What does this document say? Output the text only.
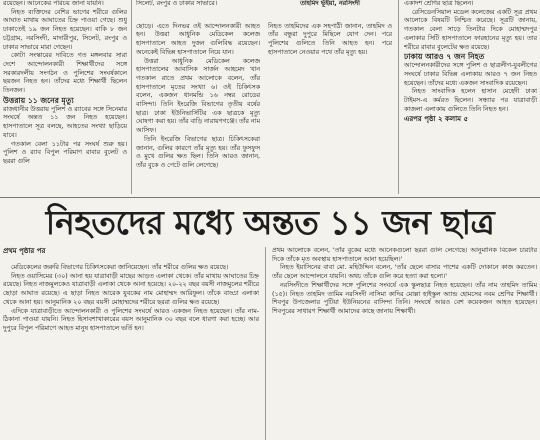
রয়েছেন। আনেকের পরিচয় জানা যায়নি।

নিহত ব্যক্তিদের বেশির ভাগের শরীরে গুলির আঘাত মাথায় আঘাতের চিহ্ন পাওয়া গেছে। শুধু ঢাকাতেই ১৯ জন নিহত হয়েছেন। বাকি ৮ জন চট্টগ্রাম, নরসিংদী, মাদারীপুর, সিলেট, রংপুর ও ঢাকার সাভারে মারা গেছেন।

কোটা সংস্কারের দাবিতে গত মঙ্গলবার সারা দেশে আন্দোলনকারী শিক্ষার্থীদের সঙ্গে সরকারদলীয় সংগঠন ও পুলিশের সংঘর্ষকালে ছয়জন নিহত হন। তাঁদের মধ্যে শিক্ষার্থী ছিলেন তিনজন।

উত্তরায় ১১ জনের মৃত্যু

রাজধানীর উত্তরায় পুলিশ ও র‍্যাবের সঙ্গে সিনেমার সংঘর্ষে অন্তত ১১ জন নিহত হয়েছেন। হাসপাতালে সূত্র বলছে, আহতের সংখ্যা ছাড়িয়ে যাবে।

গতকাল বেলা ১১টার পর সংঘর্ষ শুরু হয়। পুলিশ ও র‍্যাব বিপুল পরিমাণ রাবার বুলেট ও ছররা গুলি

সিলেট, রংপুর ও ঢাকার সাভারে।

ছোড়ে। এতে দিনভর ওই আন্দোলনকারী আহত হন। উত্তরা আধুনিক মেডিকেল কলেজ হাসপাতালে আহত দুজন গুলিবিদ্ধ রয়েছেন। অনেকেই বিভিন্ন হাসপাতালে নিয়ে যান।

উত্তরা আধুনিক মেডিকেল কলেজ হাসপাতালের আবাসিক সার্জন আহমেদ খান গতকাল রাতে প্রথম আলোকে বলেন, তাঁর হাসপাতালে মৃতের সংখ্যা ৬। ওই চিকিৎসক বলেন, একজন ধানমন্ডি ১৬ নম্বর রোডের বাসিন্দা। তিনি ইংরেজি বিভাগের তৃতীয় বর্ষের ছাত্র। ঢাকা ইউনিভার্সিটির এক ছাত্রকে মৃত্যু ঘোষণা করা হয়। তাঁর বাড়ি নারায়ণগঞ্জে। তাঁর নাম আসিফ।

তিনি ইংরেজি বিভাগের ছাত্র। চিকিৎসকেরা জানান, গুলির কারণে তাঁর মৃত্যু হয়। তাঁর ফুসফুস ও মুখে গুলির ক্ষত ছিল। তিনি আরও জানান, তাঁর বুকে ও পেটে গুলি লেগেছে।

তাহমিদ ভূঁইয়া, নরসিংদী

নিহত তাহমিদের এক সহপাঠী জানান, তাহমিদ ও তাঁর বন্ধুরা দুপুরে মিছিলে যোগ দেন। পরে পুলিশের গুলিতে তিনি আহত হন। পরে হাসপাতালে নেওয়ার পথে তাঁর মৃত্যু হয়।

একাদশ শ্রেণির ছাত্র ছিলেন।

রেসিডেনসিয়াল মডেল কলেজের একটি সূত্র প্রথম আলোকে বিষয়টি নিশ্চিত করেছে। সূত্রটি জানায়, গতকাল বেলা সাড়ে তিনটার দিকে মোহাম্মদপুর এলাকার সিটি হাসপাতালে ফারহানের মৃত্যু হয়। তার শরীরে রাবার বুলেটের ক্ষত রয়েছে।

ঢাকায় আরও ৭ জন নিহত

আন্দোলনকারীদের সঙ্গে পুলিশ ও ছাত্রলীগ-যুবলীগের সংঘর্ষে ঢাকার বিভিন্ন এলাকায় আরও ৭ জন নিহত হয়েছেন। তাঁদের মধ্যে একজন সাংবাদিক রয়েছেন।

নিহত সাংবাদিক হলেন হাসান মেহেদী ঢাকা টাইমস-এ কর্মরত ছিলেন। সন্ধ্যার পর যাত্রাবাড়ী কাজলা এলাকায় গুলিতে তিনি নিহত হন।

এরপর পৃষ্ঠা ২ কলাম ৫

নিহতদের মধ্যে অন্তত ১১ জন ছাত্র

প্রথম পৃষ্ঠার পর

মেডিকেলের জরুরি বিভাগের চিকিৎসকেরা জানিয়েছেন। তাঁর শরীরে গুলির ক্ষত রয়েছে।

নিহত ওয়াসিমের (৩০) আনা হয় যাত্রাবাড়ী মাছের আড়ত এলাকা থেকে। তাঁর মাথায় আঘাতের চিহ্ন রয়েছে। নিহত নাজমুলকেও যাত্রাবাড়ী এলাকা থেকে আনা হয়েছে। ২০-২২ বছর বয়সী নাজমুলের শরীরে ছোড়া আঘাত রয়েছে। এ ছাড়া নিহত আরেক যুবকের নাম মোহাম্মদ আরিফুল। তাঁকে বাড্ডা এলাকা থেকে আনা হয়। আনুমানিক ২০ বছর বয়সী মোহাম্মদের শরীরে ছররা গুলির ক্ষত রয়েছে।

এদিকে যাত্রাবাড়ীতে আন্দোলনকারী ও পুলিশের সংঘর্ষে আরও একজন নিহত হয়েছেন। তাঁর নাম-ঠিকানা পাওয়া যায়নি। নিহত হিসাবশাখাকারের বয়স আনুমানিক ৩০ বছর বলে ধারণা করা হচ্ছে। আর দুপুরে বিপুল পরিমাণে আহত মানুষ হাসপাতালে ভর্তি হন।

প্রথম আলোকে বলেন, 'তাঁর বুকের মধ্যে আনেকগুলো ছররা গুলি লেগেছে। আনুমানিক বিকেল চারটার দিকে তাঁকে মৃত অবস্থায় হাসপাতালে আনা হয়েছিল।'

নিহত ইয়াসিনের বাবা মো. মহিউদ্দিন বলেন, 'তাঁর ছেলে বাসার পাশের একটি দোকানে কাজ করতেন। তাঁর ছেলে আন্দোলনে যায়নি। অথচ তাঁকে গুলি করে হত্যা করা হলো।'

নরসিংদীতে শিক্ষার্থীদের সঙ্গে পুলিশের সংঘর্ষে এক স্কুলছাত্র নিহত হয়েছেন। তাঁর নাম তাহমিদ তামিম (১৫)। নিহত তাহমিদ তামিম নরসিংদী নাসিমা কাদির মোল্লা হাইস্কুল অ্যান্ড হোমসের নবম শ্রেণির শিক্ষার্থী। শিবপুর উপজেলার পুটিয়া ইউনিয়নের বাসিন্দা তিনি। সংঘর্ষে আরও বেশ কয়েকজন আহত হয়েছেন। শিবপুরের সাধারণ শিক্ষার্থী আমাদের কাছে জানায় শিক্ষার্থী।
